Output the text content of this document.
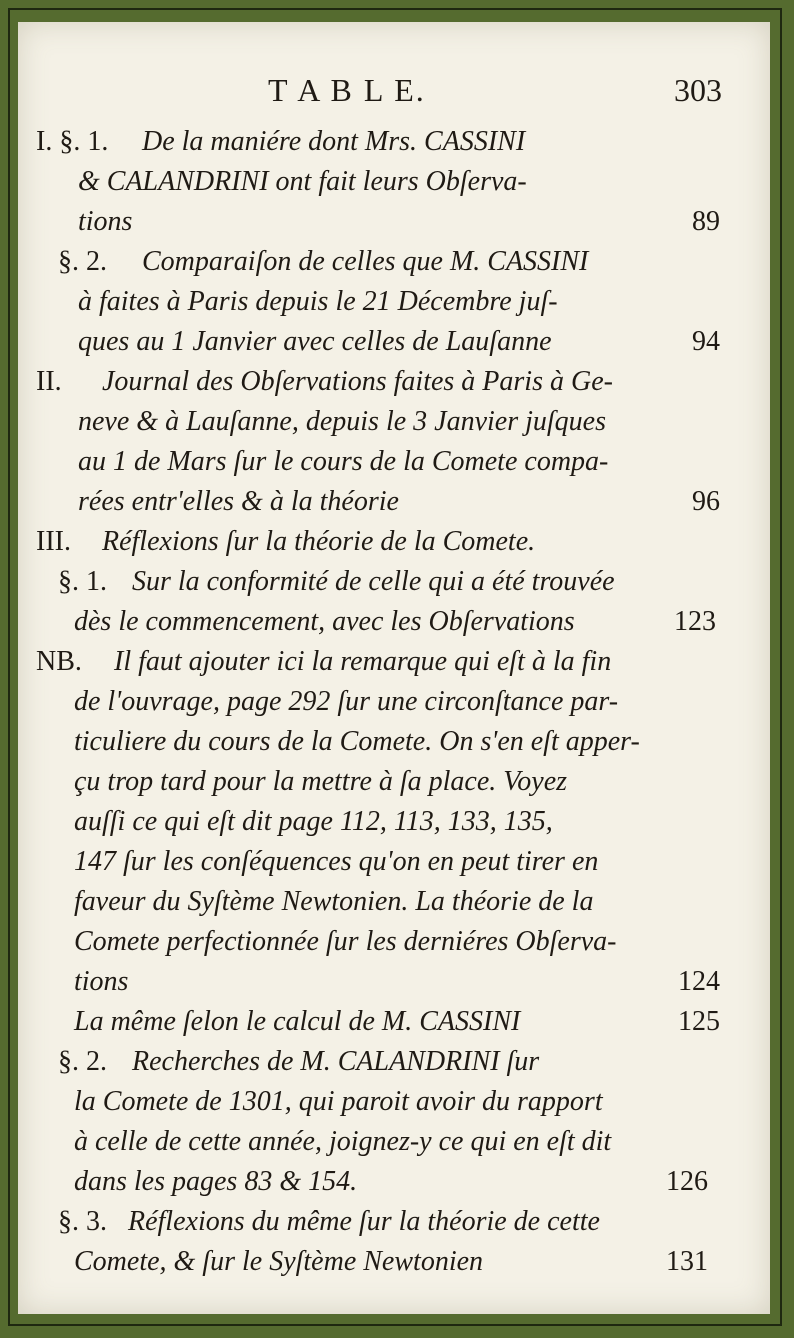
T A B L E.	303
I. §. 1. De la maniére dont Mrs. CASSINI
& CALANDRINI ont fait leurs Obſerva-
tions	89
§. 2. Comparaiſon de celles que M. CASSINI
à faites à Paris depuis le 21 Décembre juſ-
ques au 1 Janvier avec celles de Lauſanne	94
II. Journal des Obſervations faites à Paris à Ge-
neve & à Lauſanne, depuis le 3 Janvier juſques
au 1 de Mars ſur le cours de la Comete compa-
rées entr'elles & à la théorie	96
III. Réflexions ſur la théorie de la Comete.
§. 1. Sur la conformité de celle qui a été trouvée
dès le commencement, avec les Obſervations	123
NB. Il faut ajouter ici la remarque qui eſt à la fin
de l'ouvrage, page 292 ſur une circonſtance par-
ticuliere du cours de la Comete. On s'en eſt apper-
çu trop tard pour la mettre à ſa place. Voyez
auſſi ce qui eſt dit page 112, 113, 133, 135,
147 ſur les conſéquences qu'on en peut tirer en
faveur du Syſtème Newtonien. La théorie de la
Comete perfectionnée ſur les derniéres Obſerva-
tions	124
La même ſelon le calcul de M. CASSINI	125
§. 2. Recherches de M. CALANDRINI ſur
la Comete de 1301, qui paroit avoir du rapport
à celle de cette année, joignez-y ce qui en eſt dit
dans les pages 83 & 154.	126
§. 3. Réflexions du même ſur la théorie de cette
Comete, & ſur le Syſtème Newtonien	131
